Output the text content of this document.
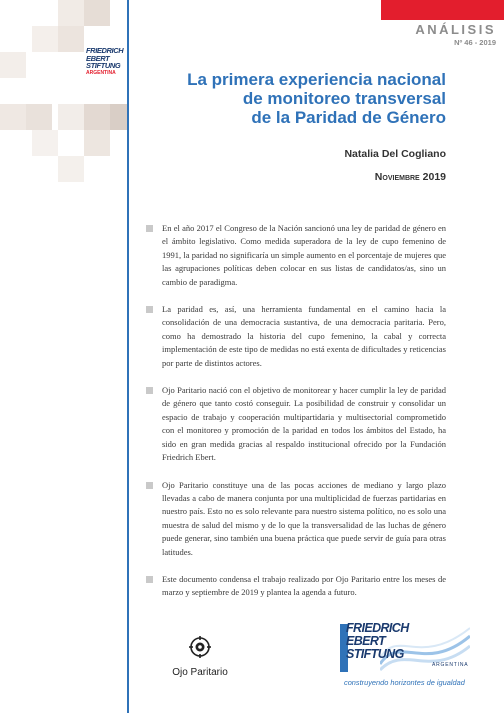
ANÁLISIS
Nº 46 - 2019
FRIEDRICH
EBERT
STIFTUNG
ARGENTINA	La primera experiencia nacional
de monitoreo transversal
de la Paridad de Género
Natalia Del Cogliano
Noviembre 2019
En el año 2017 el Congreso de la Nación sancionó una ley de paridad de género en el ámbito legislativo. Como medida superadora de la ley de cupo femenino de 1991, la paridad no significaría un simple aumento en el porcentaje de mujeres que las agrupaciones políticas deben colocar en sus listas de candidatos/as, sino un cambio de paradigma.
La paridad es, así, una herramienta fundamental en el camino hacia la consolidación de una democracia sustantiva, de una democracia paritaria. Pero, como ha demostrado la historia del cupo femenino, la cabal y correcta implementación de este tipo de medidas no está exenta de dificultades y reticencias por parte de distintos actores.
Ojo Paritario nació con el objetivo de monitorear y hacer cumplir la ley de paridad de género que tanto costó conseguir. La posibilidad de construir y consolidar un espacio de trabajo y cooperación multipartidaria y multisectorial comprometido con el monitoreo y promoción de la paridad en todos los ámbitos del Estado, ha sido en gran medida gracias al respaldo institucional ofrecido por la Fundación Friedrich Ebert.
Ojo Paritario constituye una de las pocas acciones de mediano y largo plazo llevadas a cabo de manera conjunta por una multiplicidad de fuerzas partidarias en nuestro país. Esto no es solo relevante para nuestro sistema político, no es solo una muestra de salud del mismo y de lo que la transversalidad de las luchas de género puede generar, sino también una buena práctica que puede servir de guía para otras latitudes.
Este documento condensa el trabajo realizado por Ojo Paritario entre los meses de marzo y septiembre de 2019 y plantea la agenda a futuro.
Ojo Paritario
FRIEDRICH
EBERT
STIFTUNG
ARGENTINA
construyendo horizontes de igualdad
